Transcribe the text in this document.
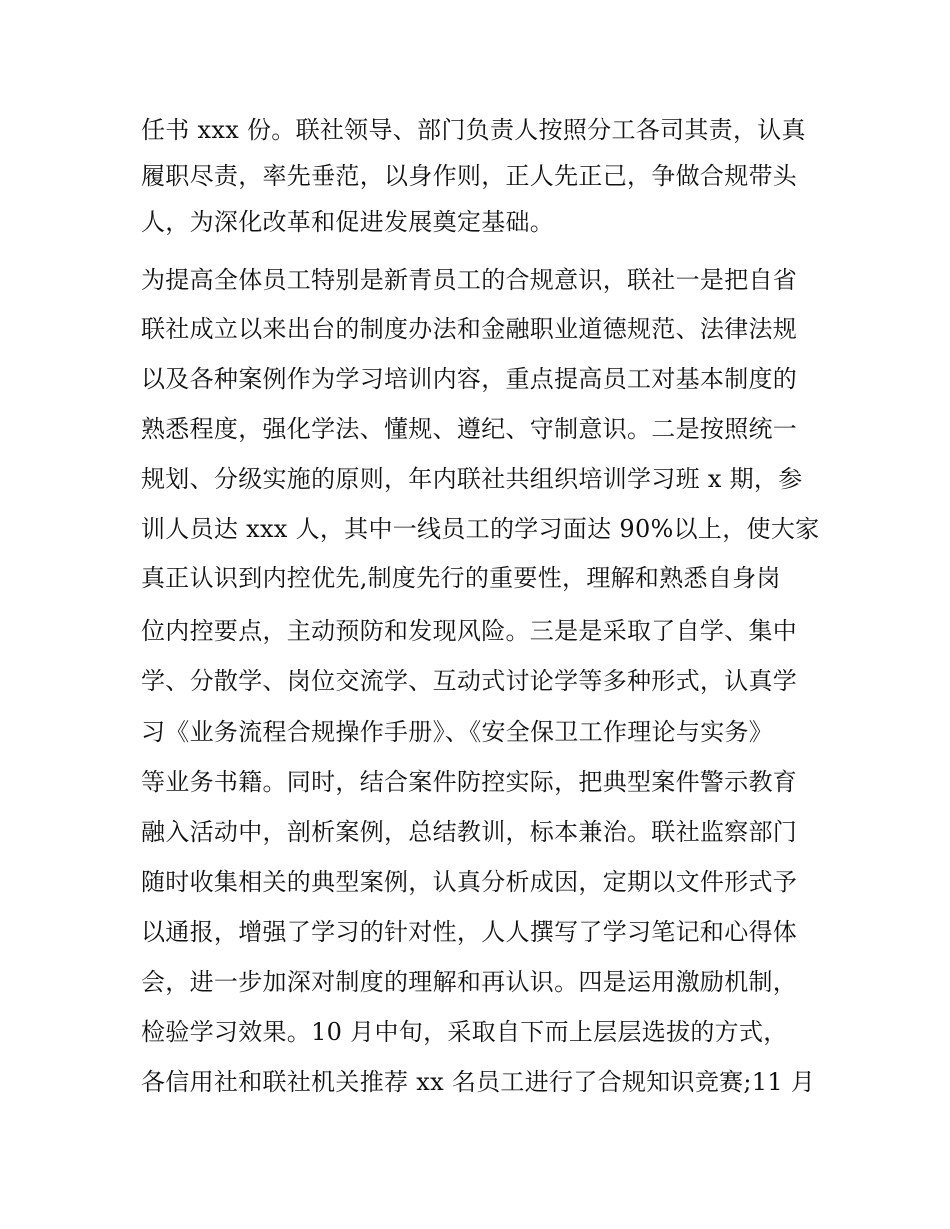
任书 xxx 份。联社领导、部门负责人按照分工各司其责，认真
履职尽责，率先垂范，以身作则，正人先正己，争做合规带头
人，为深化改革和促进发展奠定基础。
为提高全体员工特别是新青员工的合规意识，联社一是把自省
联社成立以来出台的制度办法和金融职业道德规范、法律法规
以及各种案例作为学习培训内容，重点提高员工对基本制度的
熟悉程度，强化学法、懂规、遵纪、守制意识。二是按照统一
规划、分级实施的原则，年内联社共组织培训学习班 x 期，参
训人员达 xxx 人，其中一线员工的学习面达 90%以上，使大家
真正认识到内控优先,制度先行的重要性，理解和熟悉自身岗
位内控要点，主动预防和发现风险。三是是采取了自学、集中
学、分散学、岗位交流学、互动式讨论学等多种形式，认真学
习《业务流程合规操作手册》、《安全保卫工作理论与实务》
等业务书籍。同时，结合案件防控实际，把典型案件警示教育
融入活动中，剖析案例，总结教训，标本兼治。联社监察部门
随时收集相关的典型案例，认真分析成因，定期以文件形式予
以通报，增强了学习的针对性，人人撰写了学习笔记和心得体
会，进一步加深对制度的理解和再认识。四是运用激励机制，
检验学习效果。10 月中旬，采取自下而上层层选拔的方式，
各信用社和联社机关推荐 xx 名员工进行了合规知识竞赛;11 月
